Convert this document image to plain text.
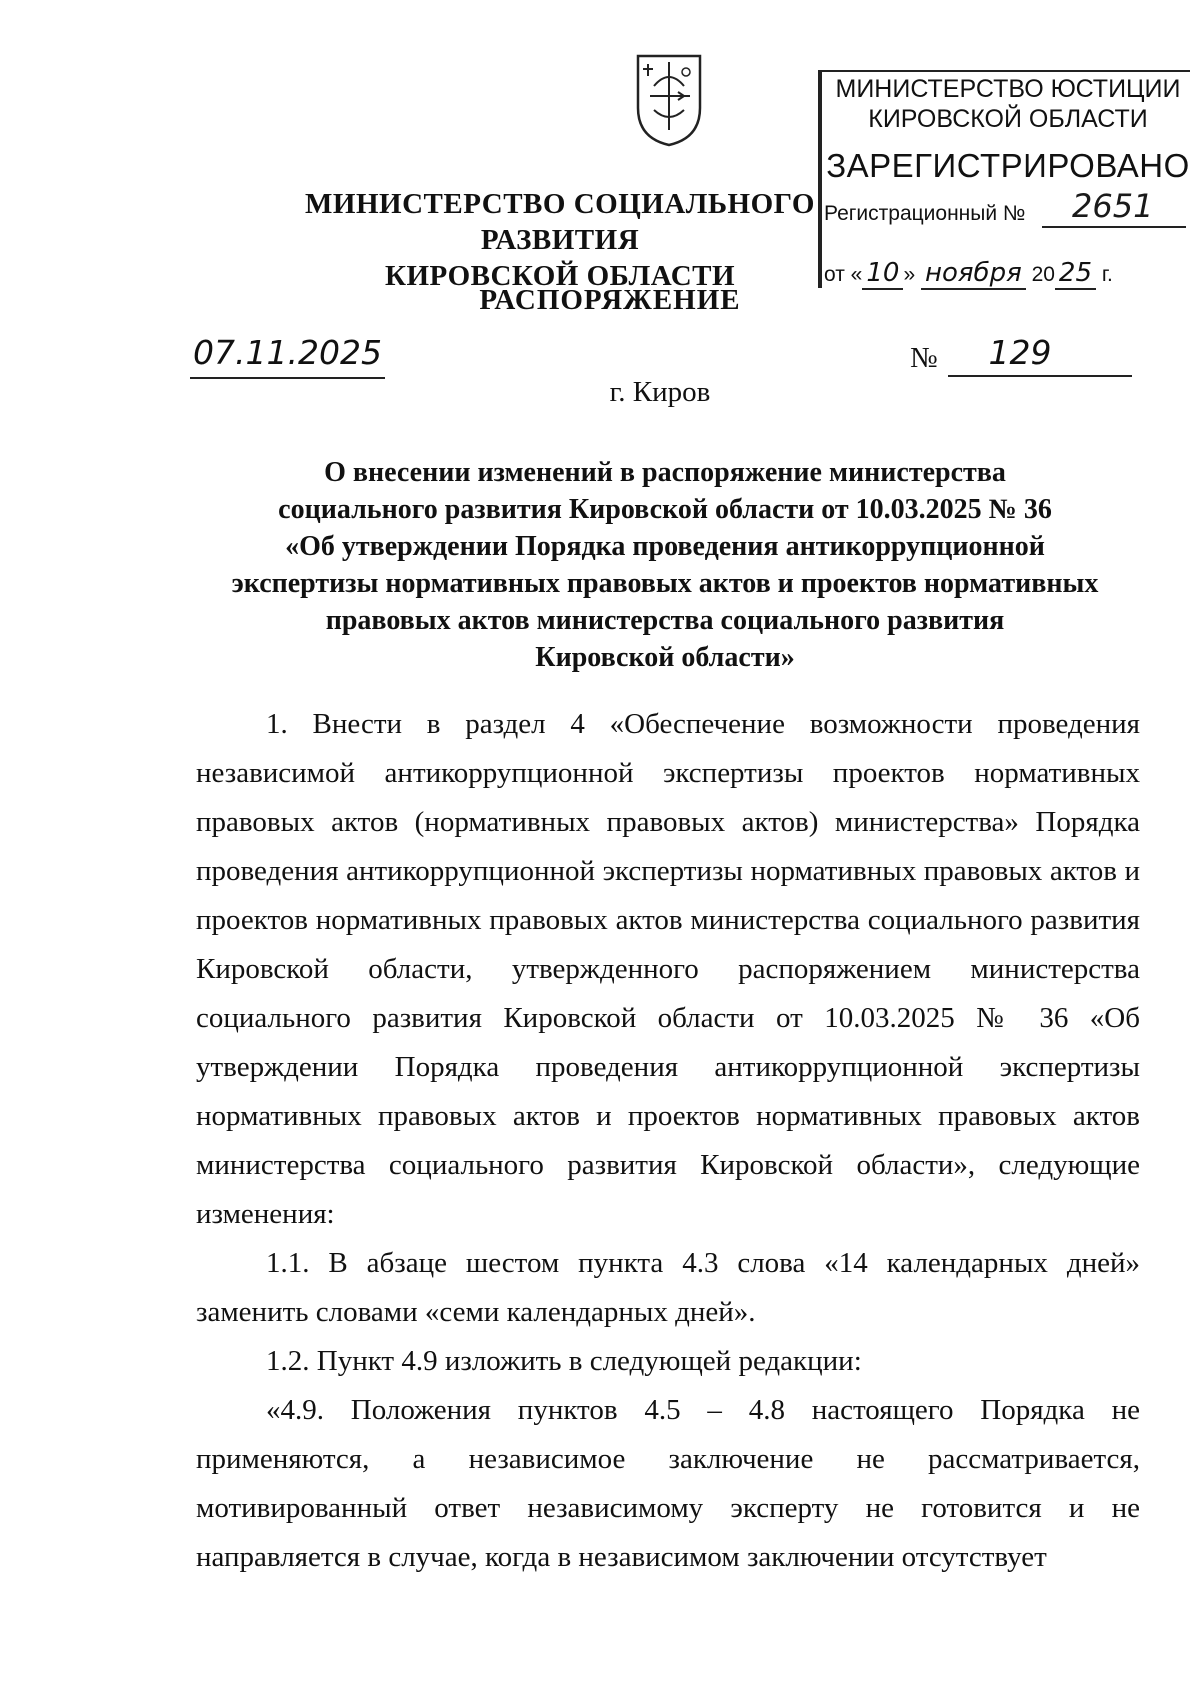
МИНИСТЕРСТВО ЮСТИЦИИ
КИРОВСКОЙ ОБЛАСТИ
ЗАРЕГИСТРИРОВАНО
Регистрационный № 2651
от « 10 » ноября 20 25 г.
МИНИСТЕРСТВО СОЦИАЛЬНОГО РАЗВИТИЯ
КИРОВСКОЙ ОБЛАСТИ
РАСПОРЯЖЕНИЕ
07.11.2025	№	129
г. Киров
О внесении изменений в распоряжение министерства
социального развития Кировской области от 10.03.2025 № 36
«Об утверждении Порядка проведения антикоррупционной
экспертизы нормативных правовых актов и проектов нормативных
правовых актов министерства социального развития
Кировской области»

1. Внести в раздел 4 «Обеспечение возможности проведения независимой антикоррупционной экспертизы проектов нормативных правовых актов (нормативных правовых актов) министерства» Порядка проведения антикоррупционной экспертизы нормативных правовых актов и проектов нормативных правовых актов министерства социального развития Кировской области, утвержденного распоряжением министерства социального развития Кировской области от 10.03.2025 № 36 «Об утверждении Порядка проведения антикоррупционной экспертизы нормативных правовых актов и проектов нормативных правовых актов министерства социального развития Кировской области», следующие изменения:

1.1. В абзаце шестом пункта 4.3 слова «14 календарных дней» заменить словами «семи календарных дней».

1.2. Пункт 4.9 изложить в следующей редакции:

«4.9. Положения пунктов 4.5 – 4.8 настоящего Порядка не применяются, а независимое заключение не рассматривается, мотивированный ответ независимому эксперту не готовится и не направляется в случае, когда в независимом заключении отсутствует
